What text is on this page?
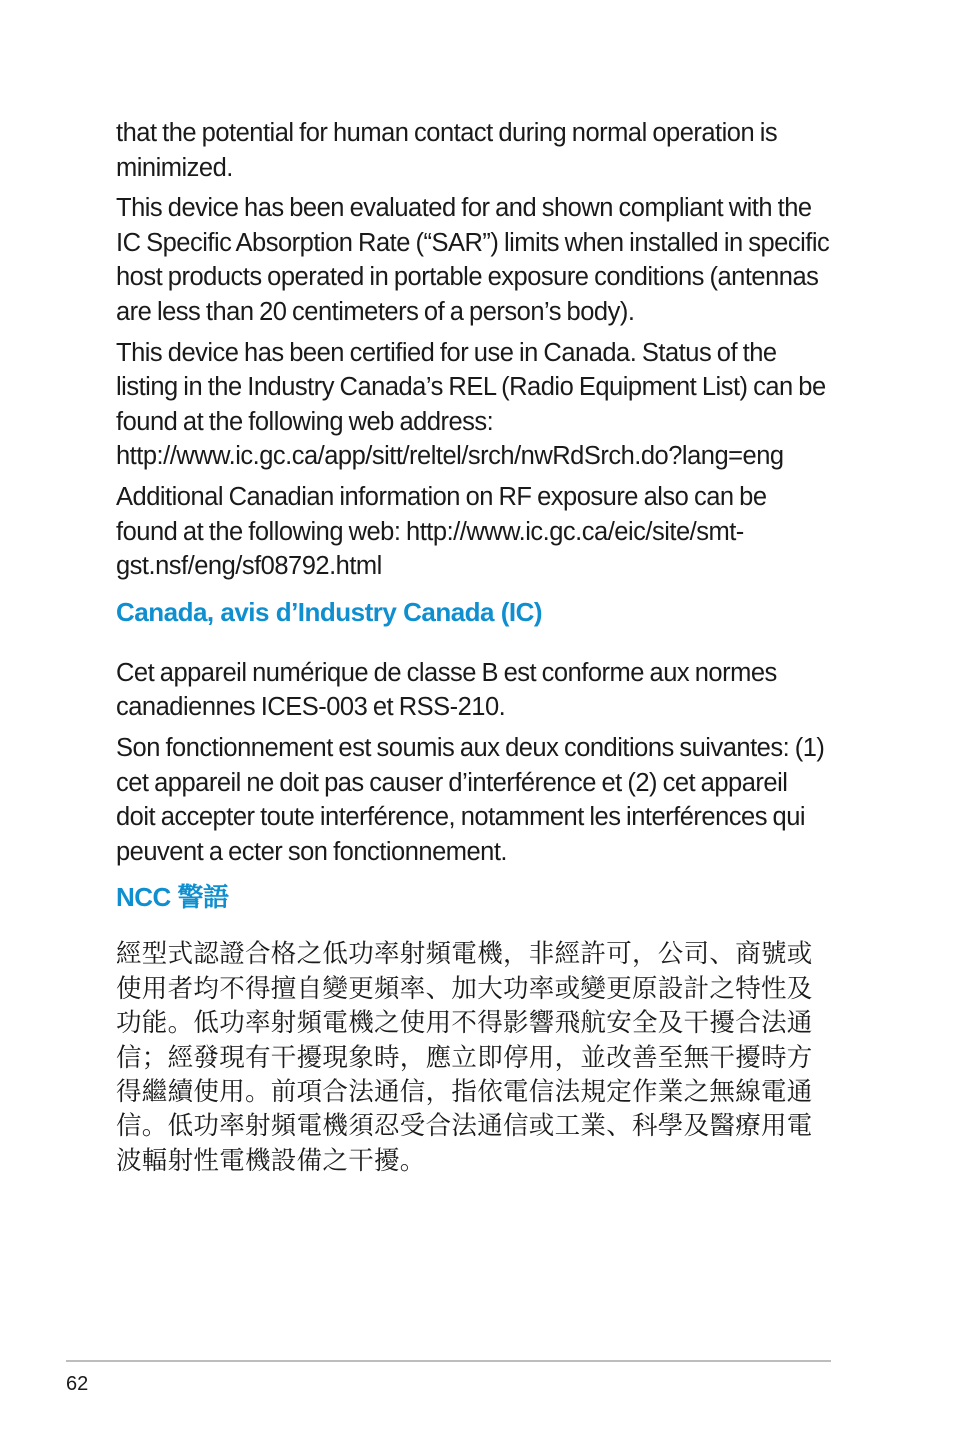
that the potential for human contact during normal operation is minimized.

This device has been evaluated for and shown compliant with the IC Specific Absorption Rate (“SAR”) limits when installed in specific host products operated in portable exposure conditions (antennas are less than 20 centimeters of a person’s body).

This device has been certified for use in Canada. Status of the listing in the Industry Canada’s REL (Radio Equipment List) can be found at the following web address: http://www.ic.gc.ca/app/sitt/reltel/srch/nwRdSrch.do?lang=eng

Additional Canadian information on RF exposure also can be found at the following web: http://www.ic.gc.ca/eic/site/smt-gst.nsf/eng/sf08792.html

Canada, avis d’Industry Canada (IC)

Cet appareil numérique de classe B est conforme aux normes canadiennes ICES-003 et RSS-210.

Son fonctionnement est soumis aux deux conditions suivantes: (1) cet appareil ne doit pas causer d’interférence et (2) cet appareil doit accepter toute interférence, notamment les interférences qui peuvent a ecter son fonctionnement.

NCC 警語

經型式認證合格之低功率射頻電機，非經許可，公司、商號或使用者均不得擅自變更頻率、加大功率或變更原設計之特性及功能。低功率射頻電機之使用不得影響飛航安全及干擾合法通信；經發現有干擾現象時，應立即停用，並改善至無干擾時方得繼續使用。前項合法通信，指依電信法規定作業之無線電通信。低功率射頻電機須忍受合法通信或工業、科學及醫療用電波輻射性電機設備之干擾。

62
